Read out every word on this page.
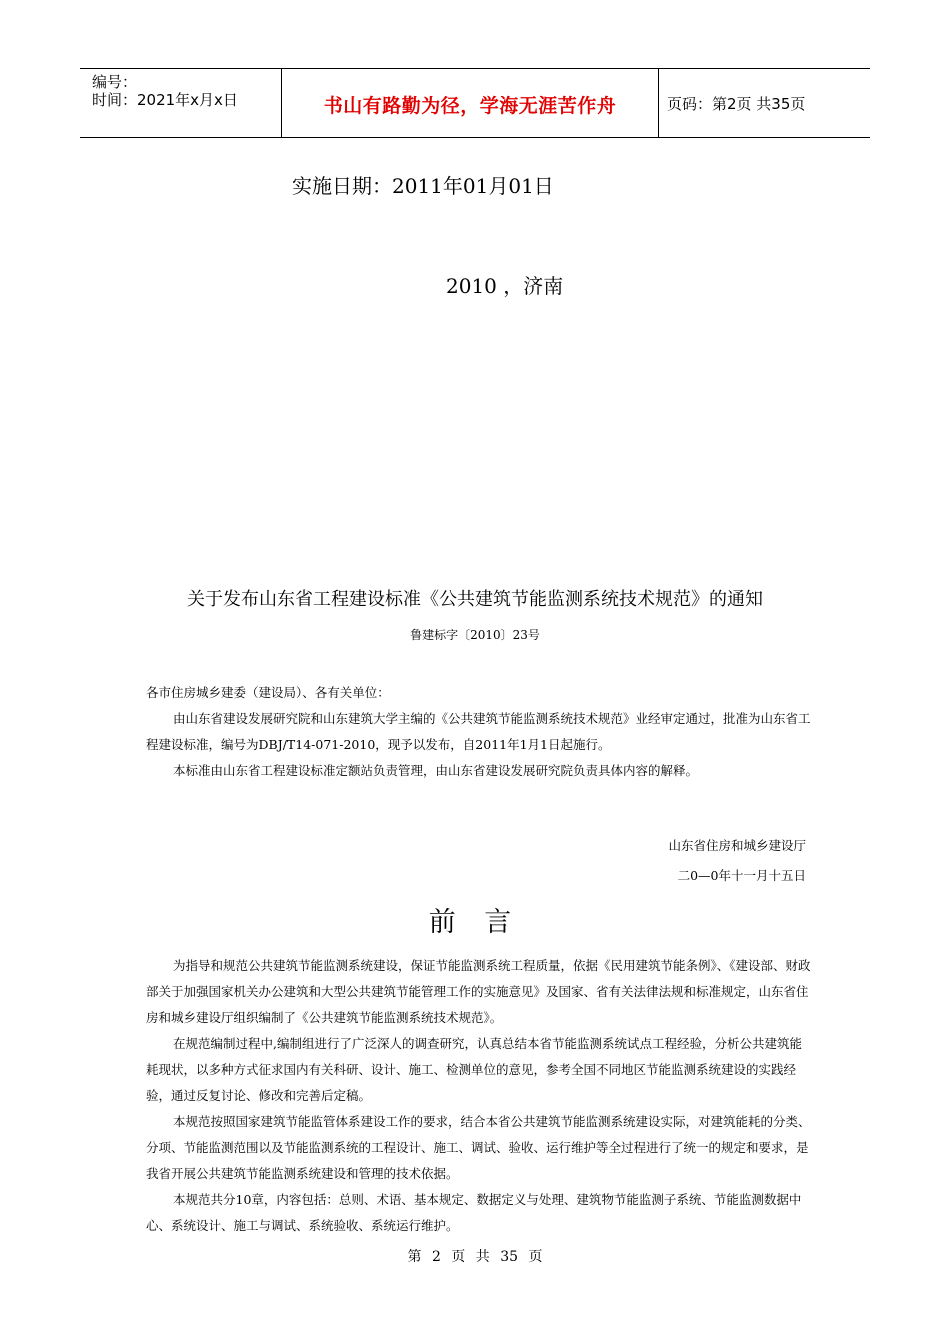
编号：
时间：2021年x月x日	书山有路勤为径，学海无涯苦作舟	页码：第2页 共35页
实施日期：2011年01月01日
2010 ，济南
关于发布山东省工程建设标准《公共建筑节能监测系统技术规范》的通知
鲁建标字〔2010〕23号
各市住房城乡建委（建设局）、各有关单位：
由山东省建设发展研究院和山东建筑大学主编的《公共建筑节能监测系统技术规范》业经审定通过，批准为山东省工程建设标准，编号为DBJ/T14-071-2010，现予以发布，自2011年1月1日起施行。
本标准由山东省工程建设标准定额站负责管理，由山东省建设发展研究院负责具体内容的解释。
山东省住房和城乡建设厅
二0—0年十一月十五日
前 言
为指导和规范公共建筑节能监测系统建设，保证节能监测系统工程质量，依据《民用建筑节能条例》、《建设部、财政部关于加强国家机关办公建筑和大型公共建筑节能管理工作的实施意见》及国家、省有关法律法规和标准规定，山东省住房和城乡建设厅组织编制了《公共建筑节能监测系统技术规范》。
在规范编制过程中,编制组进行了广泛深人的调查研究，认真总结本省节能监测系统试点工程经验，分析公共建筑能耗现状，以多种方式征求国内有关科研、设计、施工、检测单位的意见，参考全国不同地区节能监测系统建设的实践经验，通过反复讨论、修改和完善后定稿。
本规范按照国家建筑节能监管体系建设工作的要求，结合本省公共建筑节能监测系统建设实际，对建筑能耗的分类、分项、节能监测范围以及节能监测系统的工程设计、施工、调试、验收、运行维护等全过程进行了统一的规定和要求，是我省开展公共建筑节能监测系统建设和管理的技术依据。
本规范共分10章，内容包括：总则、术语、基本规定、数据定义与处理、建筑物节能监测子系统、节能监测数据中心、系统设计、施工与调试、系统验收、系统运行维护。
第 2 页 共 35 页
